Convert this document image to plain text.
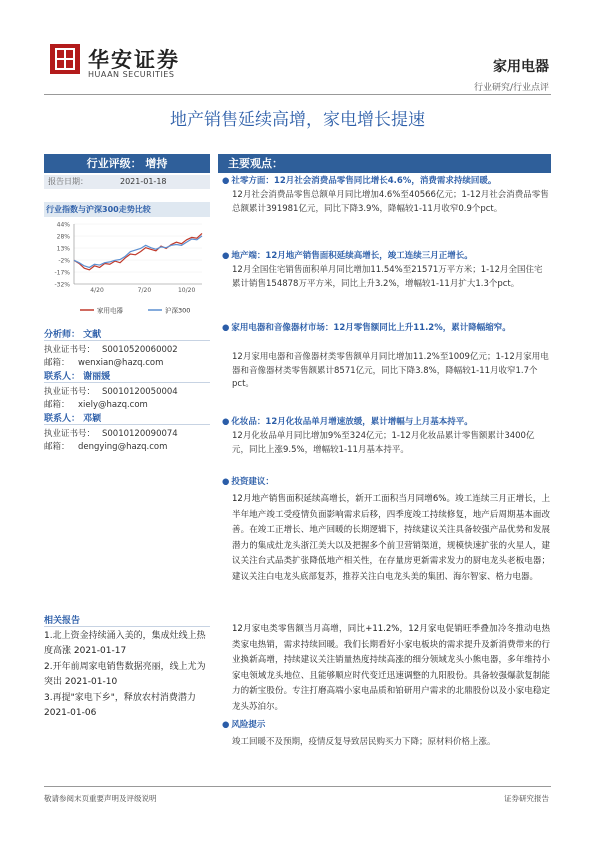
华安证券
HUAAN SECURITIES	家用电器
行业研究/行业点评
地产销售延续高增，家电增长提速
行业评级： 增持
报告日期：	2021-01-18
行业指数与沪深300走势比较
44%
28%
13%
-2%
-17%
-32%
4/20	7/20	10/20
家用电器	沪深300
分析师： 文献
执业证书号： S0010520060002
邮箱： wenxian@hazq.com
联系人： 谢丽媛
执业证书号： S0010120050004
邮箱： xiely@hazq.com
联系人： 邓颖
执业证书号： S0010120090074
邮箱： dengying@hazq.com
相关报告
1.北上资金持续涌入美的，集成灶线上热度高涨 2021-01-17
2.开年前周家电销售数据亮丽，线上尤为突出 2021-01-10
3.再提"家电下乡"，释放农村消费潜力 2021-01-06
主要观点：
● 社零方面：12月社会消费品零售同比增长4.6%，消费需求持续回暖。
12月社会消费品零售总额单月同比增加4.6%至40566亿元；1-12月社会消费品零售总额累计391981亿元，同比下降3.9%，降幅较1-11月收窄0.9个pct。
● 地产端：12月地产销售面积延续高增长，竣工连续三月正增长。
12月全国住宅销售面积单月同比增加11.54%至21571万平方米；1-12月全国住宅累计销售154878万平方米，同比上升3.2%，增幅较1-11月扩大1.3个pct。
● 家用电器和音像器材市场：12月零售额同比上升11.2%，累计降幅缩窄。
12月家用电器和音像器材类零售额单月同比增加11.2%至1009亿元；1-12月家用电器和音像器材类零售额累计8571亿元，同比下降3.8%，降幅较1-11月收窄1.7个pct。
● 化妆品：12月化妆品单月增速放缓，累计增幅与上月基本持平。
12月化妆品单月同比增加9%至324亿元；1-12月化妆品累计零售额累计3400亿元，同比上涨9.5%，增幅较1-11月基本持平。
● 投资建议：
12月地产销售面积延续高增长，新开工面积当月同增6%。竣工连续三月正增长，上半年地产竣工受疫情负面影响需求后移，四季度竣工持续修复，地产后周期基本面改善。在竣工正增长、地产回暖的长期逻辑下，持续建议关注具备较强产品优势和发展潜力的集成灶龙头浙江美大以及把握多个前卫营销渠道，规模快速扩张的火星人，建议关注台式品类扩张降低地产相关性，在存量房更新需求发力的厨电龙头老板电器；建议关注白电龙头底部复苏，推荐关注白电龙头美的集团、海尔智家、格力电器。
12月家电类零售额当月高增，同比+11.2%，12月家电促销旺季叠加冷冬推动电热类家电热销，需求持续回暖。我们长期看好小家电板块的需求提升及新消费带来的行业换新高增，持续建议关注销量热度持续高涨的细分领域龙头小熊电器，多年维持小家电领域龙头地位、且能够顺应时代变迁迅速调整的九阳股份。具备较强爆款复制能力的新宝股份。专注打磨高端小家电品质和铂研用户需求的北鼎股份以及小家电稳定龙头苏泊尔。
● 风险提示
竣工回暖不及预期，疫情反复导致居民购买力下降；原材料价格上涨。
敬请参阅末页重要声明及评级说明	证券研究报告
